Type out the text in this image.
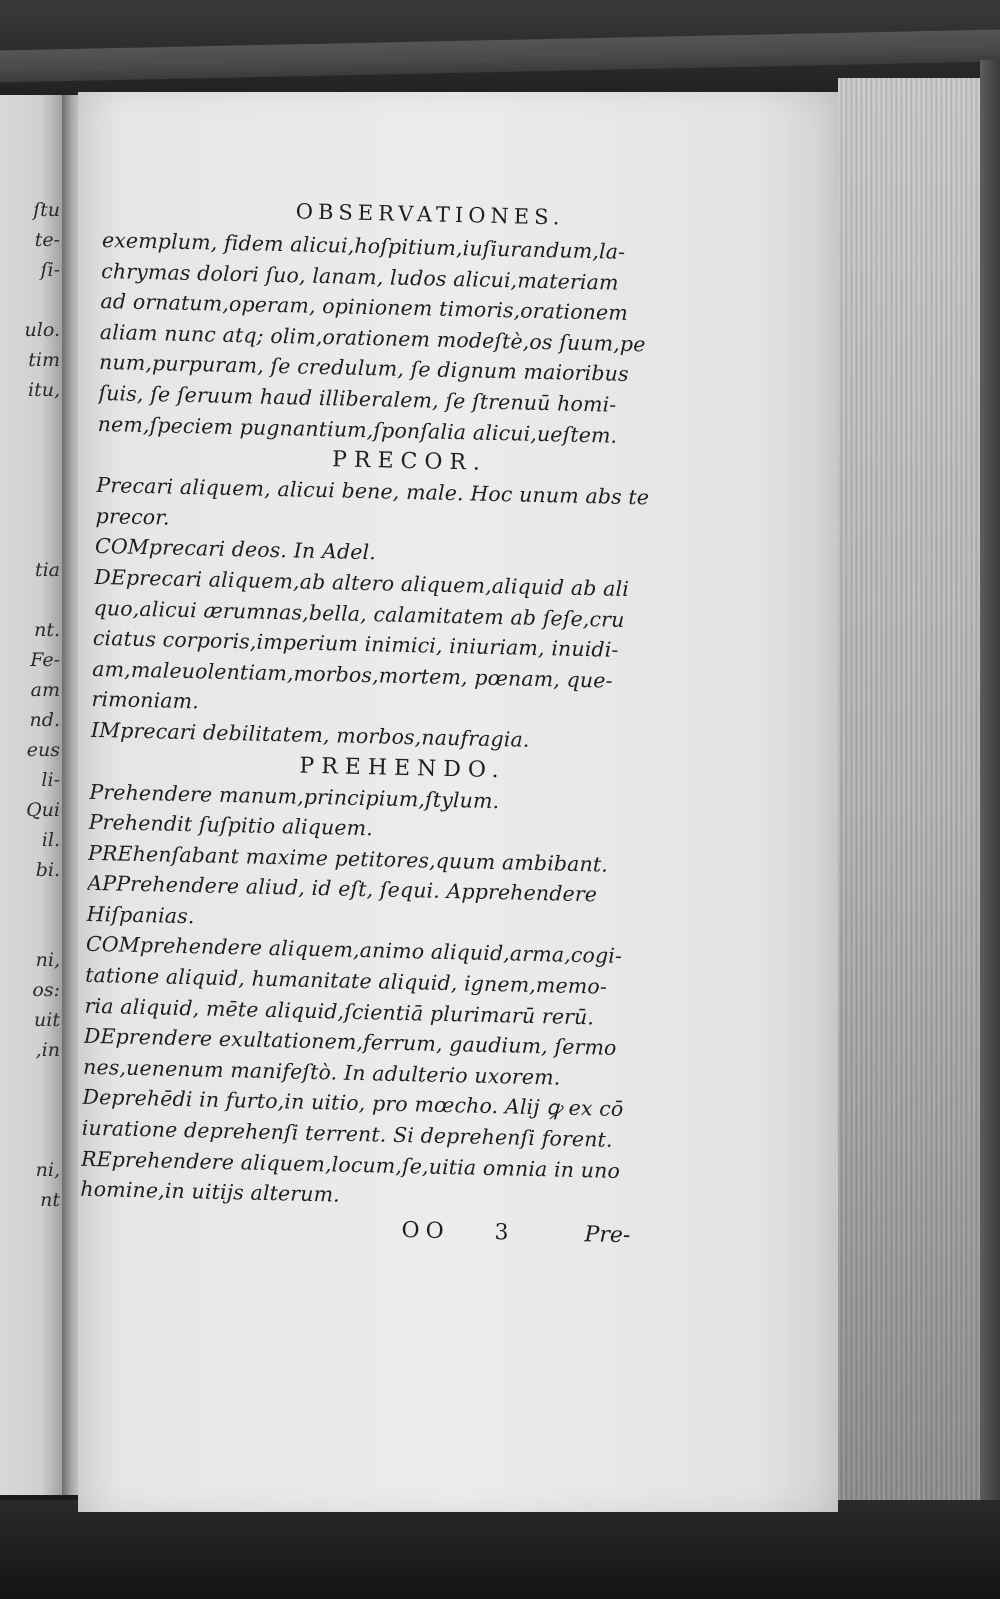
ſtu
te-
ſi-
ulo.
tim
itu,
tia
nt.
Fe-
am
nd.
eus
li-
Qui
il.
bi.
ni,
os:
uit
,in
ni,
nt
OBSERVATIONES.
exemplum, fidem alicui,hoſpitium,iuſiurandum,la-
chrymas dolori ſuo, lanam, ludos alicui,materiam
ad ornatum,operam, opinionem timoris,orationem
aliam nunc atq; olim,orationem modeſtè,os ſuum,pe
num,purpuram, ſe credulum, ſe dignum maioribus
ſuis, ſe ſeruum haud illiberalem, ſe ſtrenuū homi-
nem,ſpeciem pugnantium,ſponſalia alicui,ueſtem.
PRECOR.
Precari aliquem, alicui bene, male. Hoc unum abs te
precor.
COMprecari deos. In Adel.
DEprecari aliquem,ab altero aliquem,aliquid ab ali
quo,alicui ærumnas,bella, calamitatem ab ſeſe,cru
ciatus corporis,imperium inimici, iniuriam, inuidi-
am,maleuolentiam,morbos,mortem, pœnam, que-
rimoniam.
IMprecari debilitatem, morbos,naufragia.
PREHENDO.
Prehendere manum,principium,ſtylum.
Prehendit ſuſpitio aliquem.
PREhenſabant maxime petitores,quum ambibant.
APPrehendere aliud, id eſt, ſequi. Apprehendere
Hiſpanias.
COMprehendere aliquem,animo aliquid,arma,cogi-
tatione aliquid, humanitate aliquid, ignem,memo-
ria aliquid, mēte aliquid,ſcientiā plurimarū rerū.
DEprendere exultationem,ferrum, gaudium, ſermo
nes,uenenum manifeſtò. In adulterio uxorem.
Deprehēdi in furto,in uitio, pro mœcho. Alij ꝙ ex cō
iuratione deprehenſi terrent. Si deprehenſi forent.
REprehendere aliquem,locum,ſe,uitia omnia in uno
homine,in uitijs alterum.
OO 3	Pre-
